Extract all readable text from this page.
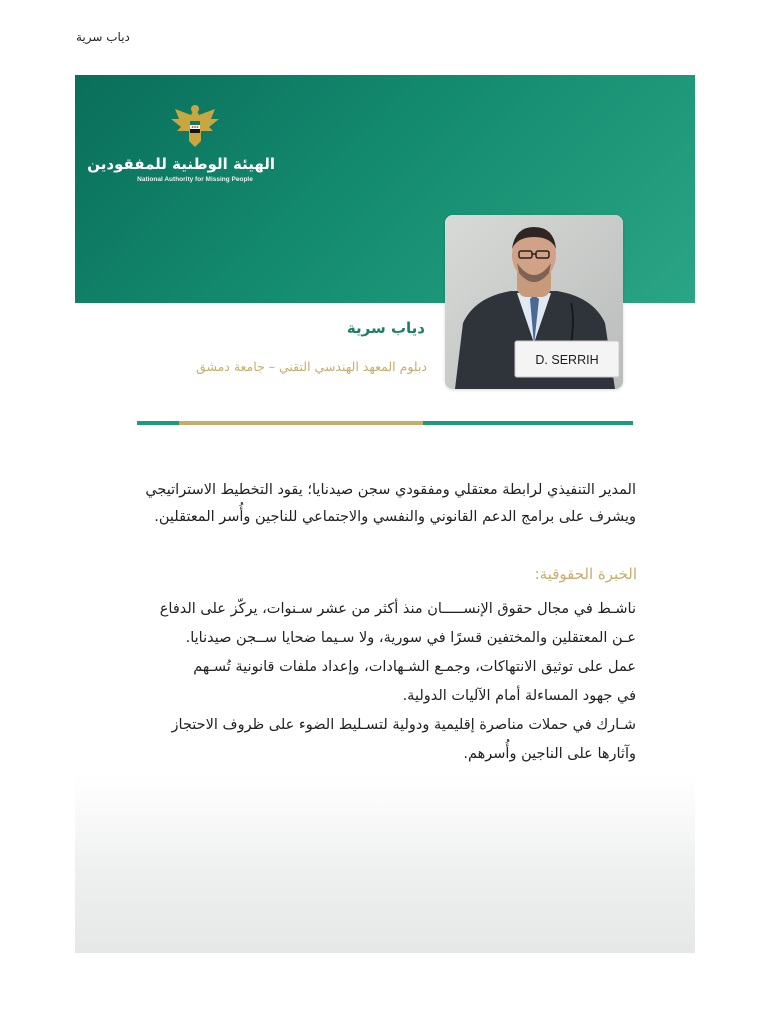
دياب سرية
الهيئة الوطنية للمفقودين
National Authority for Missing People
D. SERRIH
دياب سرية
دبلوم المعهد الهندسي التقني – جامعة دمشق

المدير التنفيذي لرابطة معتقلي ومفقودي سجن صيدنايا؛ يقود التخطيط الاستراتيجي

ويشرف على برامج الدعم القانوني والنفسي والاجتماعي للناجين وأُسر المعتقلين.

الخبرة الحقوقية:

ناشـط في مجال حقوق الإنســـــان منذ أكثر من عشر سـنوات، يركّز على الدفاع

عـن المعتقلين والمختفين قسرًا في سورية، ولا سـيما ضحايا ســجن صيدنايا.

عمل على توثيق الانتهاكات، وجمـع الشـهادات، وإعداد ملفات قانونية تُسـهم

في جهود المساءلة أمام الآليات الدولية.

شـارك في حملات مناصرة إقليمية ودولية لتسـليط الضوء على ظروف الاحتجاز

وآثارها على الناجين وأُسرهم.
